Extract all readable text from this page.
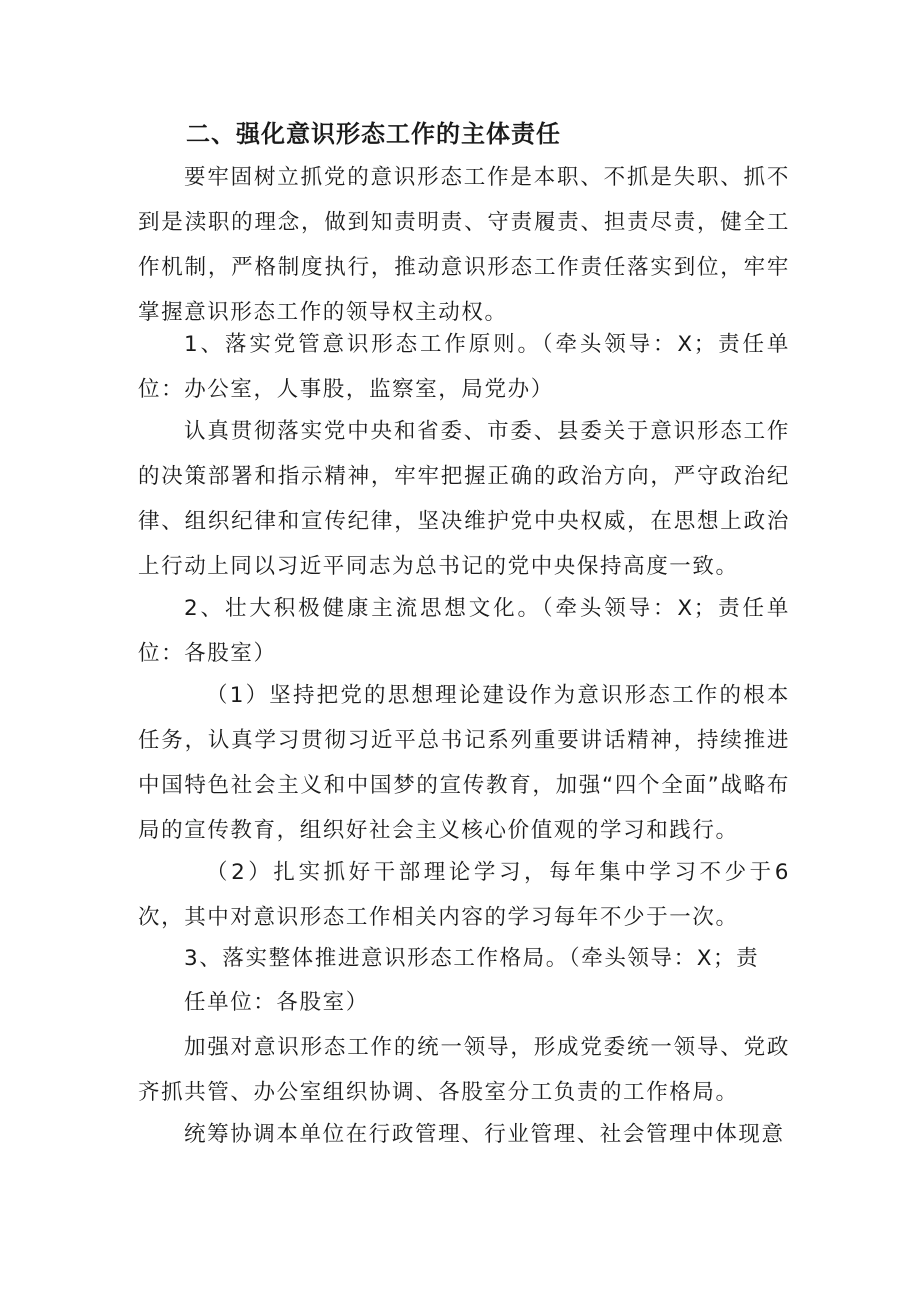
二、强化意识形态工作的主体责任

要牢固树立抓党的意识形态工作是本职、不抓是失职、抓不到是渎职的理念，做到知责明责、守责履责、担责尽责，健全工作机制，严格制度执行，推动意识形态工作责任落实到位，牢牢掌握意识形态工作的领导权主动权。

1、落实党管意识形态工作原则。（牵头领导：X；责任单位：办公室，人事股，监察室，局党办）

认真贯彻落实党中央和省委、市委、县委关于意识形态工作的决策部署和指示精神，牢牢把握正确的政治方向，严守政治纪律、组织纪律和宣传纪律，坚决维护党中央权威，在思想上政治上行动上同以习近平同志为总书记的党中央保持高度一致。

2、壮大积极健康主流思想文化。（牵头领导：X；责任单位：各股室）

（1）坚持把党的思想理论建设作为意识形态工作的根本任务，认真学习贯彻习近平总书记系列重要讲话精神，持续推进中国特色社会主义和中国梦的宣传教育，加强“四个全面”战略布局的宣传教育，组织好社会主义核心价值观的学习和践行。

（2）扎实抓好干部理论学习，每年集中学习不少于6次，其中对意识形态工作相关内容的学习每年不少于一次。

3、落实整体推进意识形态工作格局。（牵头领导：X；责

任单位：各股室）

加强对意识形态工作的统一领导，形成党委统一领导、党政齐抓共管、办公室组织协调、各股室分工负责的工作格局。

统筹协调本单位在行政管理、行业管理、社会管理中体现意
